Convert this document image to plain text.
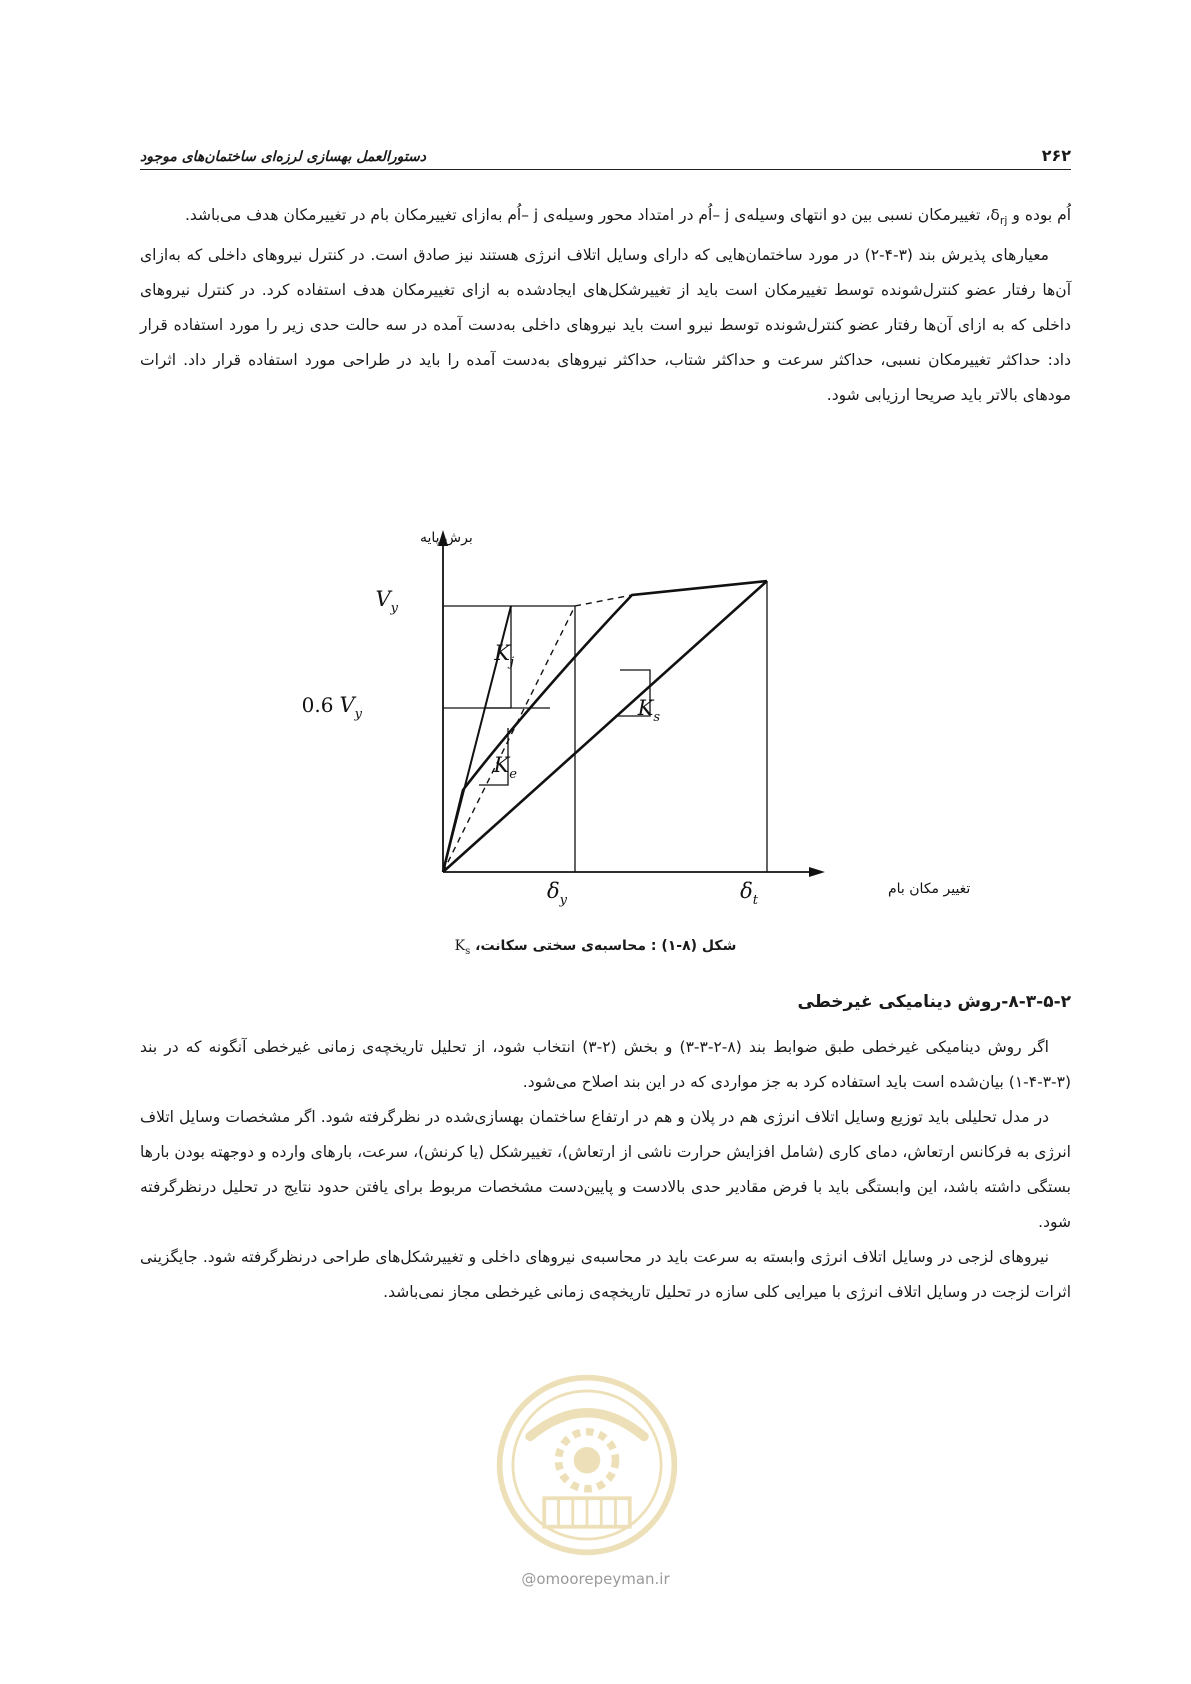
۲۶۲
دستورالعمل بهسازی لرزه‌ای ساختمان‌های موجود

اُم بوده و $\delta_{rj}،$ تغییرمکان نسبی بین دو انتهای وسیله‌ی j –اُم در امتداد محور وسیله‌ی j –اُم به‌ازای تغییرمکان بام در تغییرمکان هدف می‌باشد.

معیارهای پذیرش بند (۳-۴-۲) در مورد ساختمان‌هایی که دارای وسایل اتلاف انرژی هستند نیز صادق است. در کنترل نیروهای داخلی که به‌ازای آن‌ها رفتار عضو کنترل‌شونده توسط تغییرمکان است باید از تغییرشکل‌های ایجادشده به ازای تغییرمکان هدف استفاده کرد. در کنترل نیروهای داخلی که به ازای آن‌ها رفتار عضو کنترل‌شونده توسط نیرو است باید نیروهای داخلی به‌دست آمده در سه حالت حدی زیر را مورد استفاده قرار داد: حداکثر تغییرمکان نسبی، حداکثر سرعت و حداکثر شتاب، حداکثر نیروهای به‌دست آمده را باید در طراحی مورد استفاده قرار داد. اثرات مودهای بالاتر باید صریحا ارزیابی شود.

برش پایه
تغییر مکان بام
$V_y$
0.6 $V_y$
$K_j$
$K_s$
$K_e$
$\delta_y$	$\delta_t$
شکل (۸-۱) : محاسبه‌ی سختی سکانت، $K_s$
۸-۳-۵-۲-روش دینامیکی غیرخطی

اگر روش دینامیکی غیرخطی طبق ضوابط بند (۸-۲-۳-۳) و بخش (۲-۳) انتخاب شود، از تحلیل تاریخچه‌ی زمانی غیرخطی آنگونه که در بند (۳-۳-۴-۱) بیان‌شده است باید استفاده کرد به جز مواردی که در این بند اصلاح می‌شود.

در مدل تحلیلی باید توزیع وسایل اتلاف انرژی هم در پلان و هم در ارتفاع ساختمان بهسازی‌شده در نظرگرفته شود. اگر مشخصات وسایل اتلاف انرژی به فرکانس ارتعاش، دمای کاری (شامل افزایش حرارت ناشی از ارتعاش)، تغییرشکل (یا کرنش)، سرعت، بارهای وارده و دوجهته بودن بارها بستگی داشته باشد، این وابستگی باید با فرض مقادیر حدی بالادست و پایین‌دست مشخصات مربوط برای یافتن حدود نتایج در تحلیل درنظرگرفته شود.

نیروهای لزجی در وسایل اتلاف انرژی وابسته به سرعت باید در محاسبه‌ی نیروهای داخلی و تغییرشکل‌های طراحی درنظرگرفته شود. جایگزینی اثرات لزجت در وسایل اتلاف انرژی با میرایی کلی سازه در تحلیل تاریخچه‌ی زمانی غیرخطی مجاز نمی‌باشد.

@omoorepeyman.ir
